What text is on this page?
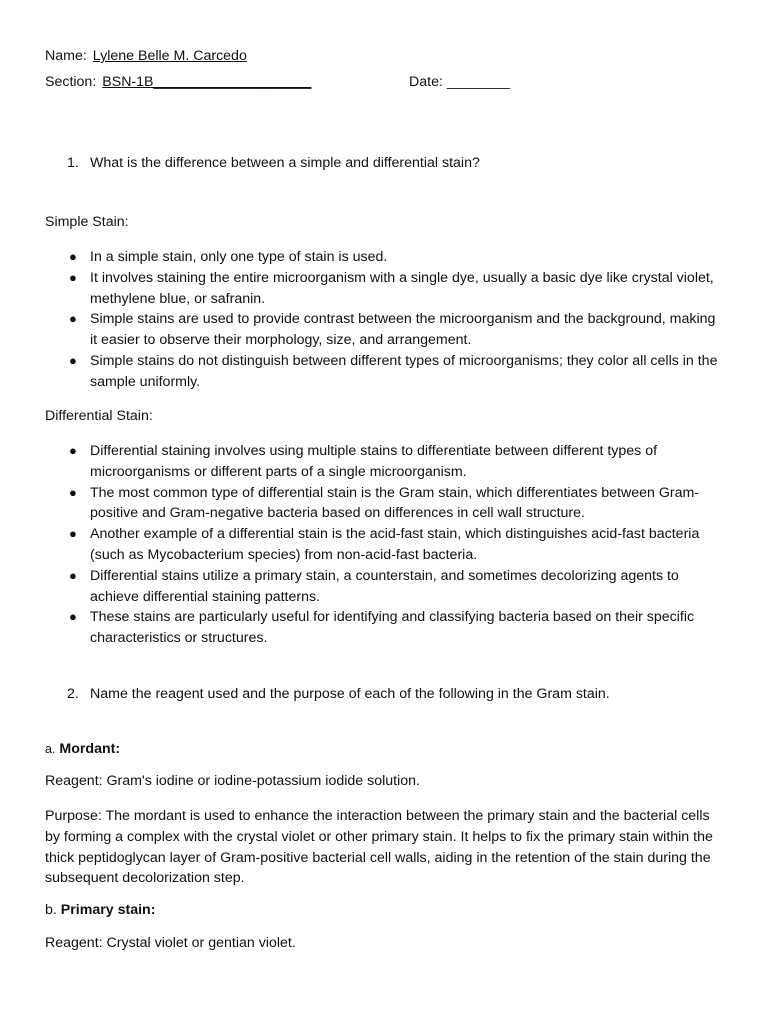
Name: Lylene Belle M. Carcedo
Section: BSN-1B____________________	Date: ________
1. What is the difference between a simple and differential stain?
Simple Stain:
● In a simple stain, only one type of stain is used.
● It involves staining the entire microorganism with a single dye, usually a basic dye like crystal violet, methylene blue, or safranin.
● Simple stains are used to provide contrast between the microorganism and the background, making it easier to observe their morphology, size, and arrangement.
● Simple stains do not distinguish between different types of microorganisms; they color all cells in the sample uniformly.
Differential Stain:
● Differential staining involves using multiple stains to differentiate between different types of microorganisms or different parts of a single microorganism.
● The most common type of differential stain is the Gram stain, which differentiates between Gram-positive and Gram-negative bacteria based on differences in cell wall structure.
● Another example of a differential stain is the acid-fast stain, which distinguishes acid-fast bacteria (such as Mycobacterium species) from non-acid-fast bacteria.
● Differential stains utilize a primary stain, a counterstain, and sometimes decolorizing agents to achieve differential staining patterns.
● These stains are particularly useful for identifying and classifying bacteria based on their specific characteristics or structures.
2. Name the reagent used and the purpose of each of the following in the Gram stain.
a. Mordant:
Reagent: Gram's iodine or iodine-potassium iodide solution.
Purpose: The mordant is used to enhance the interaction between the primary stain and the bacterial cells by forming a complex with the crystal violet or other primary stain. It helps to fix the primary stain within the thick peptidoglycan layer of Gram-positive bacterial cell walls, aiding in the retention of the stain during the subsequent decolorization step.
b. Primary stain:
Reagent: Crystal violet or gentian violet.
